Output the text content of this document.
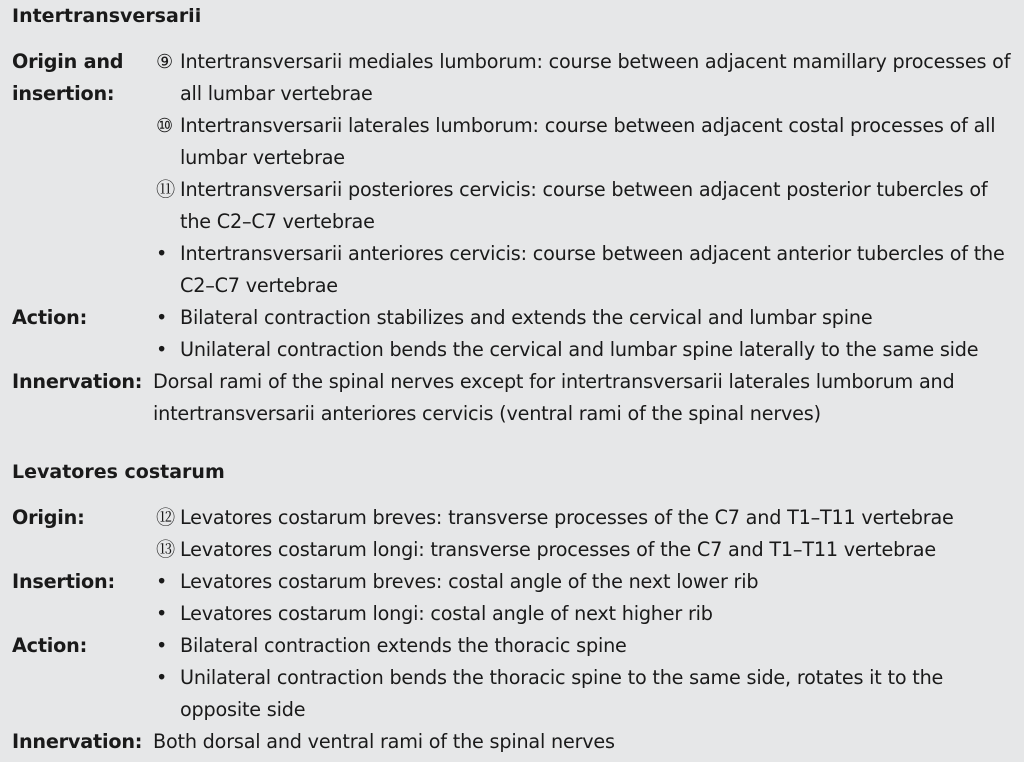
Intertransversarii
Origin and
insertion:
⑨ Intertransversarii mediales lumborum: course between adjacent mamillary processes of all lumbar vertebrae
⑩ Intertransversarii laterales lumborum: course between adjacent costal processes of all lumbar vertebrae
⑪ Intertransversarii posteriores cervicis: course between adjacent posterior tubercles of the C2–C7 vertebrae
• Intertransversarii anteriores cervicis: course between adjacent anterior tubercles of the C2–C7 vertebrae
Action:	• Bilateral contraction stabilizes and extends the cervical and lumbar spine
• Unilateral contraction bends the cervical and lumbar spine laterally to the same side
Innervation: Dorsal rami of the spinal nerves except for intertransversarii laterales lumborum and intertransversarii anteriores cervicis (ventral rami of the spinal nerves)
Levatores costarum
Origin:	⑫ Levatores costarum breves: transverse processes of the C7 and T1–T11 vertebrae
⑬ Levatores costarum longi: transverse processes of the C7 and T1–T11 vertebrae
Insertion:	• Levatores costarum breves: costal angle of the next lower rib
• Levatores costarum longi: costal angle of next higher rib
Action:	• Bilateral contraction extends the thoracic spine
• Unilateral contraction bends the thoracic spine to the same side, rotates it to the opposite side
Innervation: Both dorsal and ventral rami of the spinal nerves
